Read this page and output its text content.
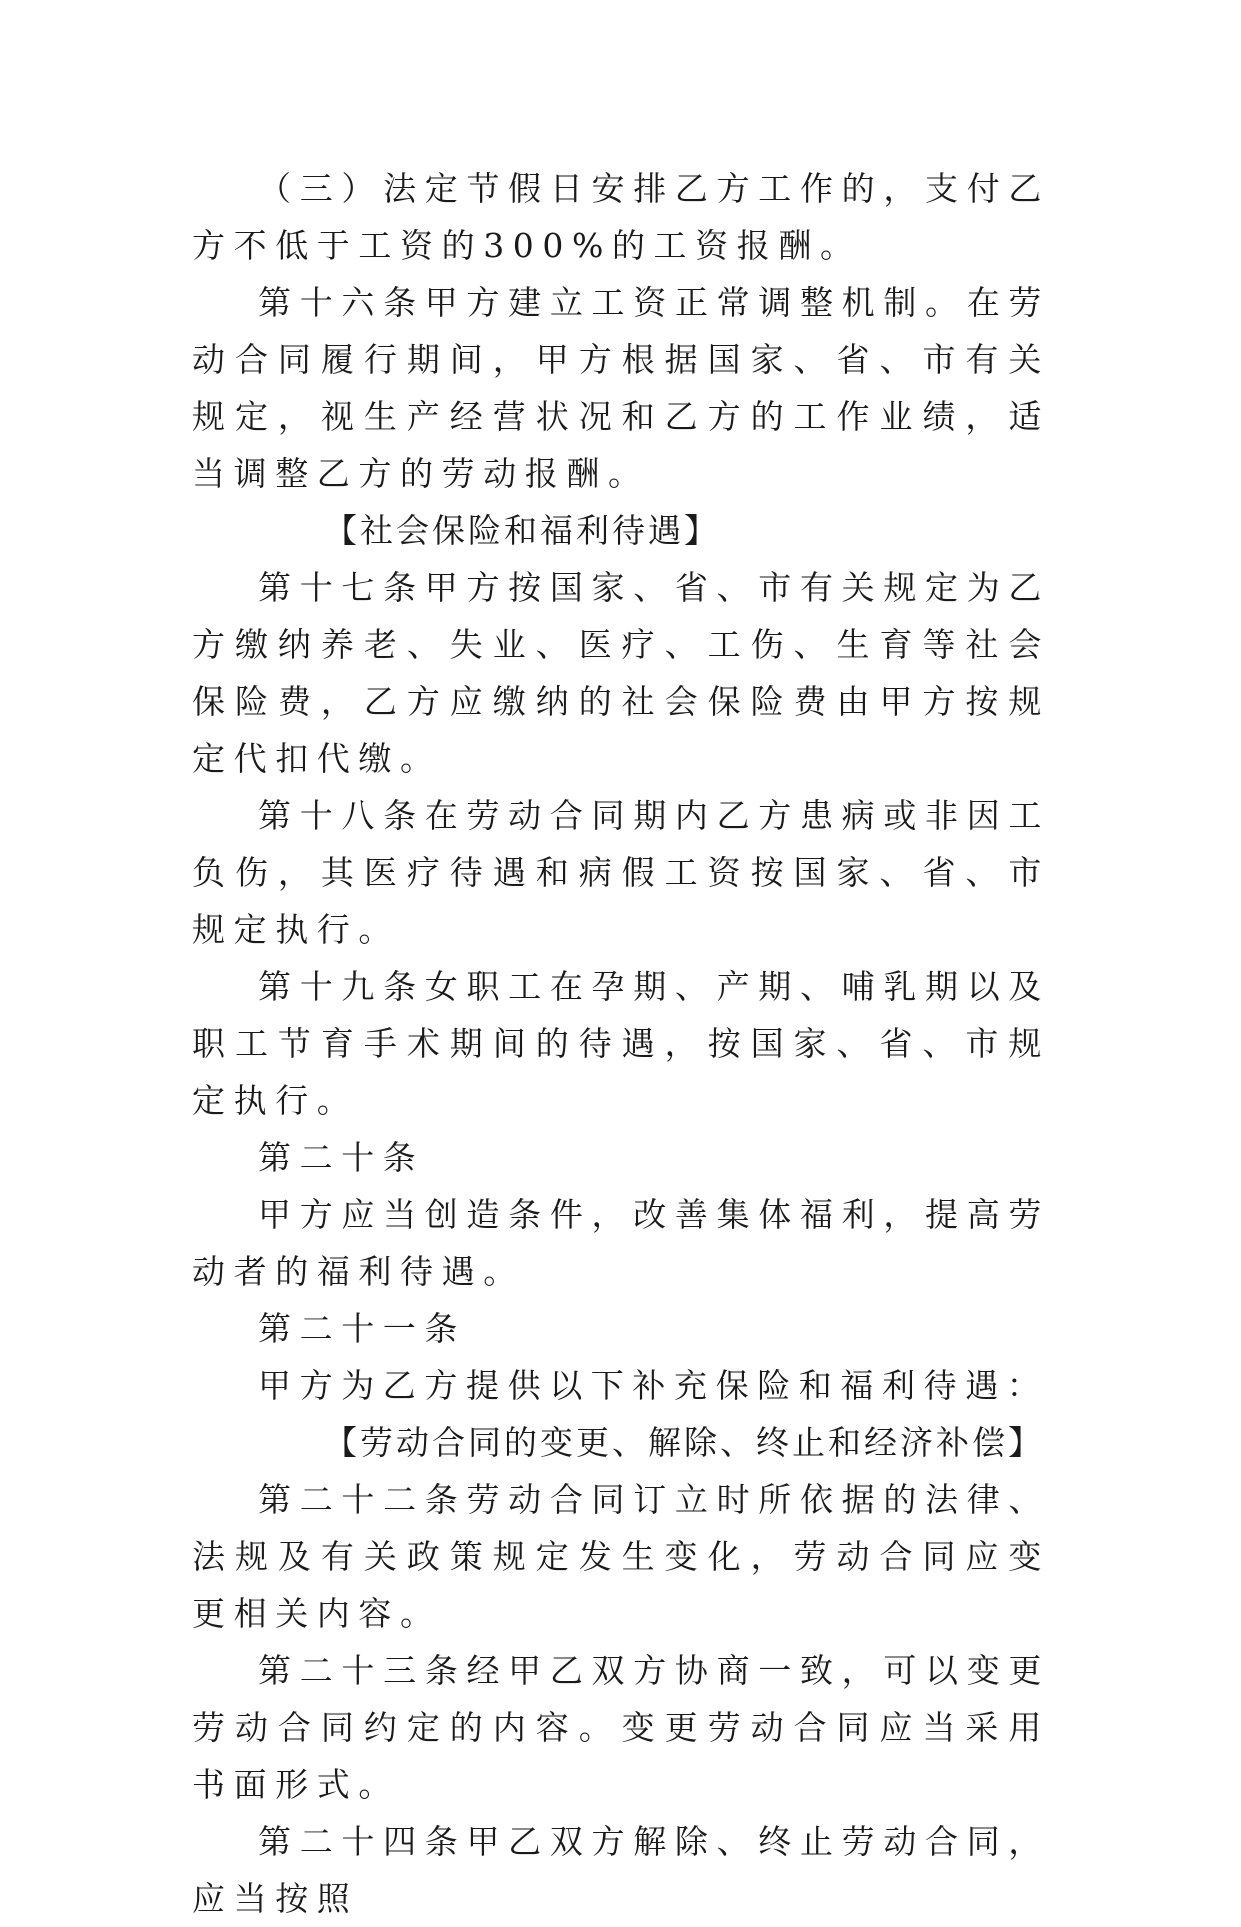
（三）法定节假日安排乙方工作的，支付乙方不低于工资的300%的工资报酬。

第十六条甲方建立工资正常调整机制。在劳动合同履行期间，甲方根据国家、省、市有关规定，视生产经营状况和乙方的工作业绩，适当调整乙方的劳动报酬。

【社会保险和福利待遇】

第十七条甲方按国家、省、市有关规定为乙方缴纳养老、失业、医疗、工伤、生育等社会保险费，乙方应缴纳的社会保险费由甲方按规定代扣代缴。

第十八条在劳动合同期内乙方患病或非因工负伤，其医疗待遇和病假工资按国家、省、市规定执行。

第十九条女职工在孕期、产期、哺乳期以及职工节育手术期间的待遇，按国家、省、市规定执行。

第二十条

甲方应当创造条件，改善集体福利，提高劳动者的福利待遇。

第二十一条

甲方为乙方提供以下补充保险和福利待遇：

【劳动合同的变更、解除、终止和经济补偿】

第二十二条劳动合同订立时所依据的法律、法规及有关政策规定发生变化，劳动合同应变更相关内容。

第二十三条经甲乙双方协商一致，可以变更劳动合同约定的内容。变更劳动合同应当采用书面形式。

第二十四条甲乙双方解除、终止劳动合同，应当按照
